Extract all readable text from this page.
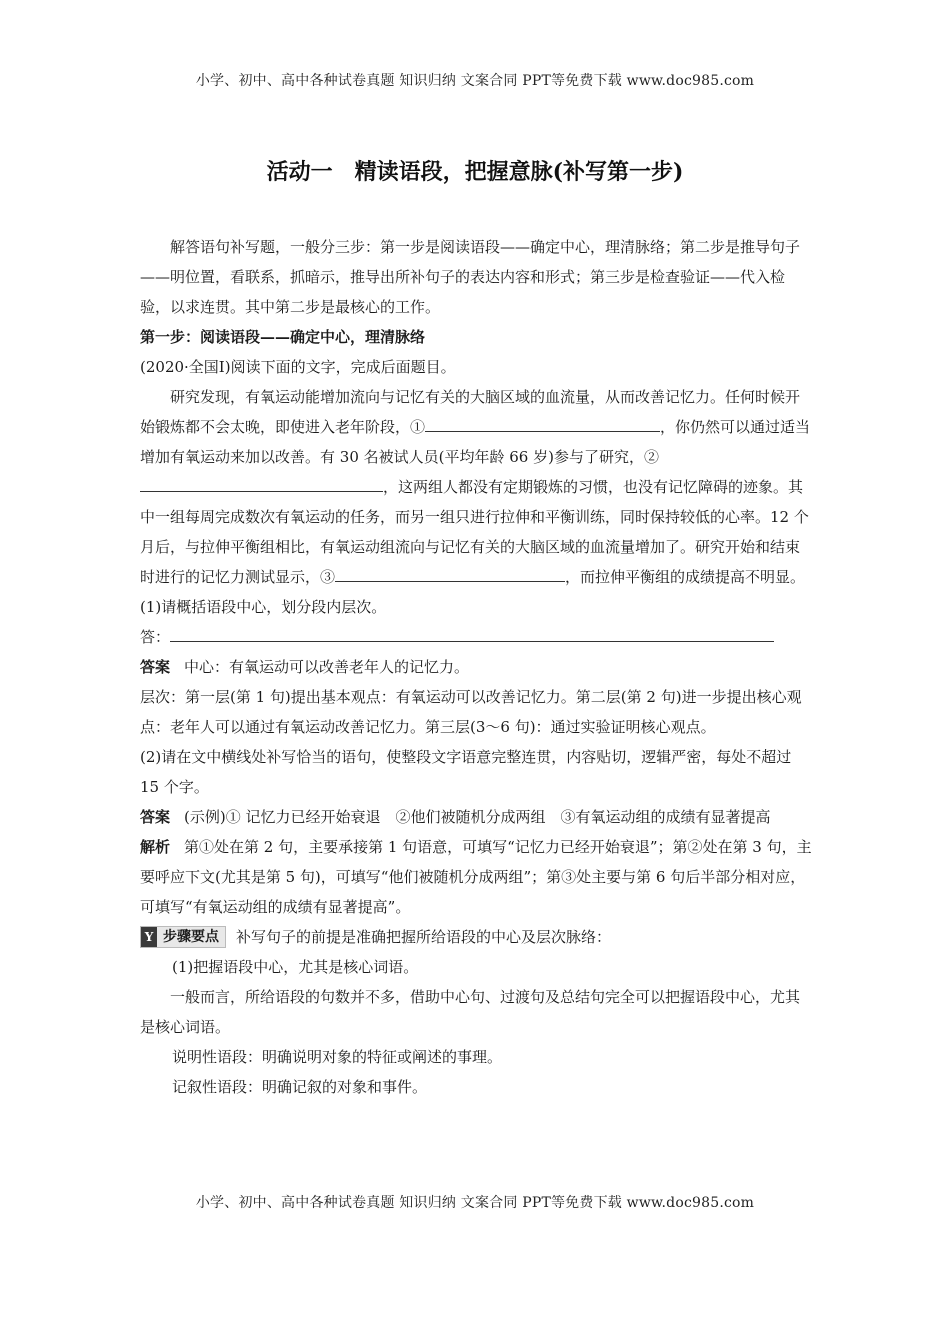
小学、初中、高中各种试卷真题 知识归纳 文案合同 PPT等免费下载 www.doc985.com
活动一　精读语段，把握意脉(补写第一步)

解答语句补写题，一般分三步：第一步是阅读语段——确定中心，理清脉络；第二步是推导句子——明位置，看联系，抓暗示，推导出所补句子的表达内容和形式；第三步是检查验证——代入检验，以求连贯。其中第二步是最核心的工作。

第一步：阅读语段——确定中心，理清脉络

(2020·全国Ⅰ)阅读下面的文字，完成后面题目。

研究发现，有氧运动能增加流向与记忆有关的大脑区域的血流量，从而改善记忆力。任何时候开始锻炼都不会太晚，即使进入老年阶段，①	，你仍然可以通过适当增加有氧运动来加以改善。有 30 名被试人员(平均年龄 66 岁)参与了研究，②，这两组人都没有定期锻炼的习惯，也没有记忆障碍的迹象。其中一组每周完成数次有氧运动的任务，而另一组只进行拉伸和平衡训练，同时保持较低的心率。12 个月后，与拉伸平衡组相比，有氧运动组流向与记忆有关的大脑区域的血流量增加了。研究开始和结束时进行的记忆力测试显示，③	，而拉伸平衡组的成绩提高不明显。

(1)请概括语段中心，划分段内层次。

答：

答案 中心：有氧运动可以改善老年人的记忆力。

层次：第一层(第 1 句)提出基本观点：有氧运动可以改善记忆力。第二层(第 2 句)进一步提出核心观点：老年人可以通过有氧运动改善记忆力。第三层(3～6 句)：通过实验证明核心观点。

(2)请在文中横线处补写恰当的语句，使整段文字语意完整连贯，内容贴切，逻辑严密，每处不超过 15 个字。

答案 (示例)① 记忆力已经开始衰退　②他们被随机分成两组　③有氧运动组的成绩有显著提高

解析 第①处在第 2 句，主要承接第 1 句语意，可填写“记忆力已经开始衰退”；第②处在第 3 句，主要呼应下文(尤其是第 5 句)，可填写“他们被随机分成两组”；第③处主要与第 6 句后半部分相对应，可填写“有氧运动组的成绩有显著提高”。

Y 步骤要点 补写句子的前提是准确把握所给语段的中心及层次脉络：

(1)把握语段中心，尤其是核心词语。

一般而言，所给语段的句数并不多，借助中心句、过渡句及总结句完全可以把握语段中心，尤其是核心词语。

说明性语段：明确说明对象的特征或阐述的事理。

记叙性语段：明确记叙的对象和事件。

小学、初中、高中各种试卷真题 知识归纳 文案合同 PPT等免费下载 www.doc985.com
